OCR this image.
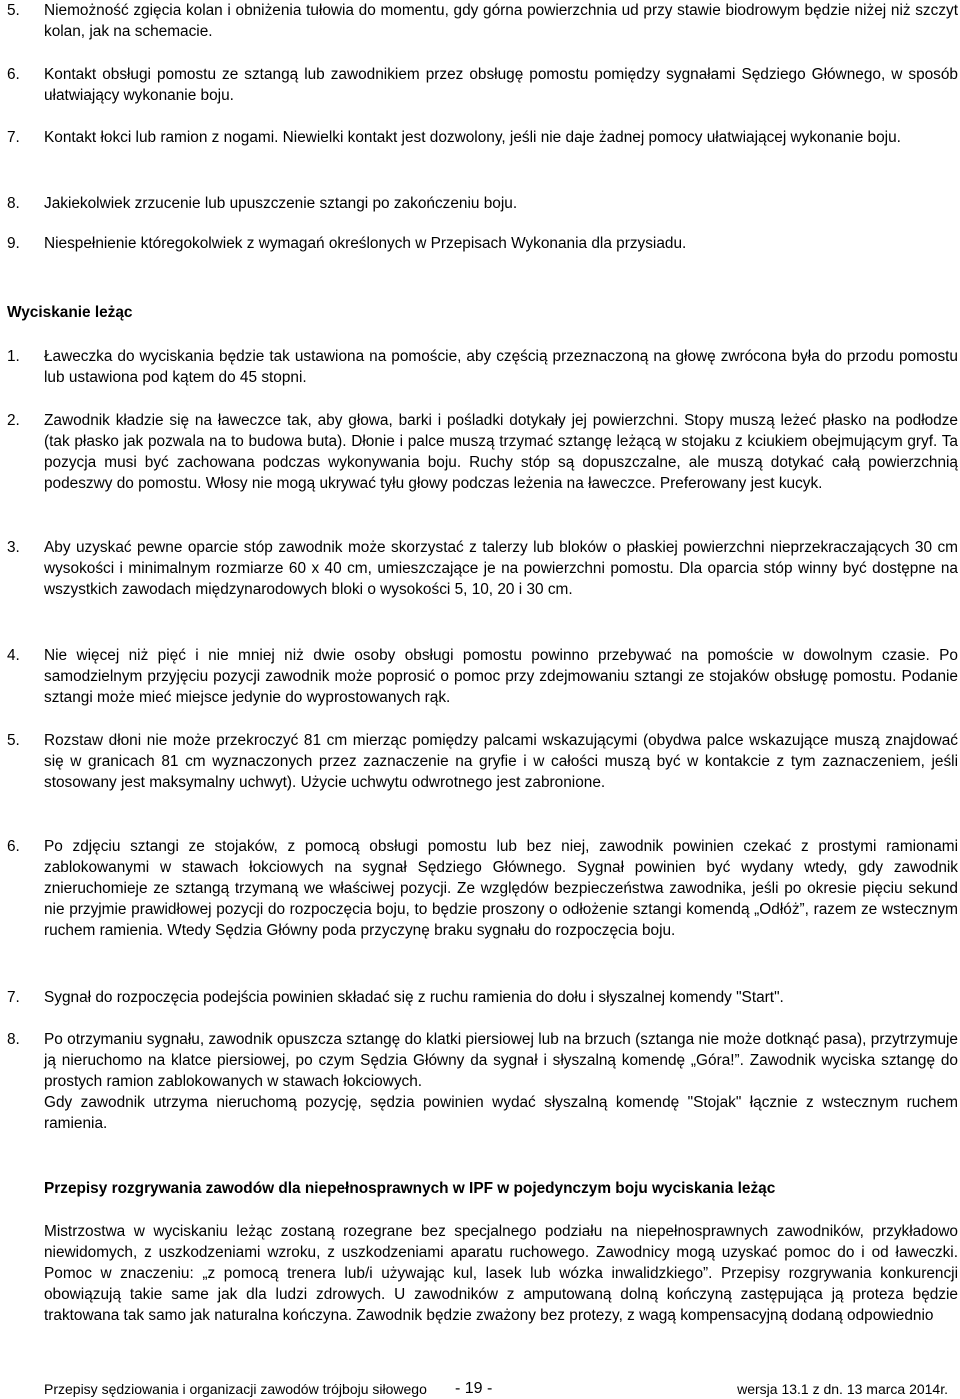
5. Niemożność zgięcia kolan i obniżenia tułowia do momentu, gdy górna powierzchnia ud przy stawie biodrowym będzie niżej niż szczyt kolan, jak na schemacie.
6. Kontakt obsługi pomostu ze sztangą lub zawodnikiem przez obsługę pomostu pomiędzy sygnałami Sędziego Głównego, w sposób ułatwiający wykonanie boju.
7. Kontakt łokci lub ramion z nogami. Niewielki kontakt jest dozwolony, jeśli nie daje żadnej pomocy ułatwiającej wykonanie boju.
8. Jakiekolwiek zrzucenie lub upuszczenie sztangi po zakończeniu boju.
9. Niespełnienie któregokolwiek z wymagań określonych w Przepisach Wykonania dla przysiadu.
Wyciskanie leżąc
1. Ławeczka do wyciskania będzie tak ustawiona na pomoście, aby częścią przeznaczoną na głowę zwrócona była do przodu pomostu lub ustawiona pod kątem do 45 stopni.
2. Zawodnik kładzie się na ławeczce tak, aby głowa, barki i pośladki dotykały jej powierzchni. Stopy muszą leżeć płasko na podłodze (tak płasko jak pozwala na to budowa buta). Dłonie i palce muszą trzymać sztangę leżącą w stojaku z kciukiem obejmującym gryf. Ta pozycja musi być zachowana podczas wykonywania boju. Ruchy stóp są dopuszczalne, ale muszą dotykać całą powierzchnią podeszwy do pomostu. Włosy nie mogą ukrywać tyłu głowy podczas leżenia na ławeczce. Preferowany jest kucyk.
3. Aby uzyskać pewne oparcie stóp zawodnik może skorzystać z talerzy lub bloków o płaskiej powierzchni nieprzekraczających 30 cm wysokości i minimalnym rozmiarze 60 x 40 cm, umieszczające je na powierzchni pomostu. Dla oparcia stóp winny być dostępne na wszystkich zawodach międzynarodowych bloki o wysokości 5, 10, 20 i 30 cm.
4. Nie więcej niż pięć i nie mniej niż dwie osoby obsługi pomostu powinno przebywać na pomoście w dowolnym czasie. Po samodzielnym przyjęciu pozycji zawodnik może poprosić o pomoc przy zdejmowaniu sztangi ze stojaków obsługę pomostu. Podanie sztangi może mieć miejsce jedynie do wyprostowanych rąk.
5. Rozstaw dłoni nie może przekroczyć 81 cm mierząc pomiędzy palcami wskazującymi (obydwa palce wskazujące muszą znajdować się w granicach 81 cm wyznaczonych przez zaznaczenie na gryfie i w całości muszą być w kontakcie z tym zaznaczeniem, jeśli stosowany jest maksymalny uchwyt). Użycie uchwytu odwrotnego jest zabronione.
6. Po zdjęciu sztangi ze stojaków, z pomocą obsługi pomostu lub bez niej, zawodnik powinien czekać z prostymi ramionami zablokowanymi w stawach łokciowych na sygnał Sędziego Głównego. Sygnał powinien być wydany wtedy, gdy zawodnik znieruchomieje ze sztangą trzymaną we właściwej pozycji. Ze względów bezpieczeństwa zawodnika, jeśli po okresie pięciu sekund nie przyjmie prawidłowej pozycji do rozpoczęcia boju, to będzie proszony o odłożenie sztangi komendą „Odłóż”, razem ze wstecznym ruchem ramienia. Wtedy Sędzia Główny poda przyczynę braku sygnału do rozpoczęcia boju.
7. Sygnał do rozpoczęcia podejścia powinien składać się z ruchu ramienia do dołu i słyszalnej komendy "Start".
8. Po otrzymaniu sygnału, zawodnik opuszcza sztangę do klatki piersiowej lub na brzuch (sztanga nie może dotknąć pasa), przytrzymuje ją nieruchomo na klatce piersiowej, po czym Sędzia Główny da sygnał i słyszalną komendę „Góra!”. Zawodnik wyciska sztangę do prostych ramion zablokowanych w stawach łokciowych.
Gdy zawodnik utrzyma nieruchomą pozycję, sędzia powinien wydać słyszalną komendę "Stojak" łącznie z wstecznym ruchem ramienia.
Przepisy rozgrywania zawodów dla niepełnosprawnych w IPF w pojedynczym boju wyciskania leżąc
Mistrzostwa w wyciskaniu leżąc zostaną rozegrane bez specjalnego podziału na niepełnosprawnych zawodników, przykładowo niewidomych, z uszkodzeniami wzroku, z uszkodzeniami aparatu ruchowego. Zawodnicy mogą uzyskać pomoc do i od ławeczki. Pomoc w znaczeniu: „z pomocą trenera lub/i używając kul, lasek lub wózka inwalidzkiego”. Przepisy rozgrywania konkurencji obowiązują takie same jak dla ludzi zdrowych. U zawodników z amputowaną dolną kończyną zastępująca ją proteza będzie traktowana tak samo jak naturalna kończyna. Zawodnik będzie zważony bez protezy, z wagą kompensacyjną dodaną odpowiednio
Przepisy sędziowania i organizacji zawodów trójboju siłowego - 19 -	wersja 13.1 z dn. 13 marca 2014r.
